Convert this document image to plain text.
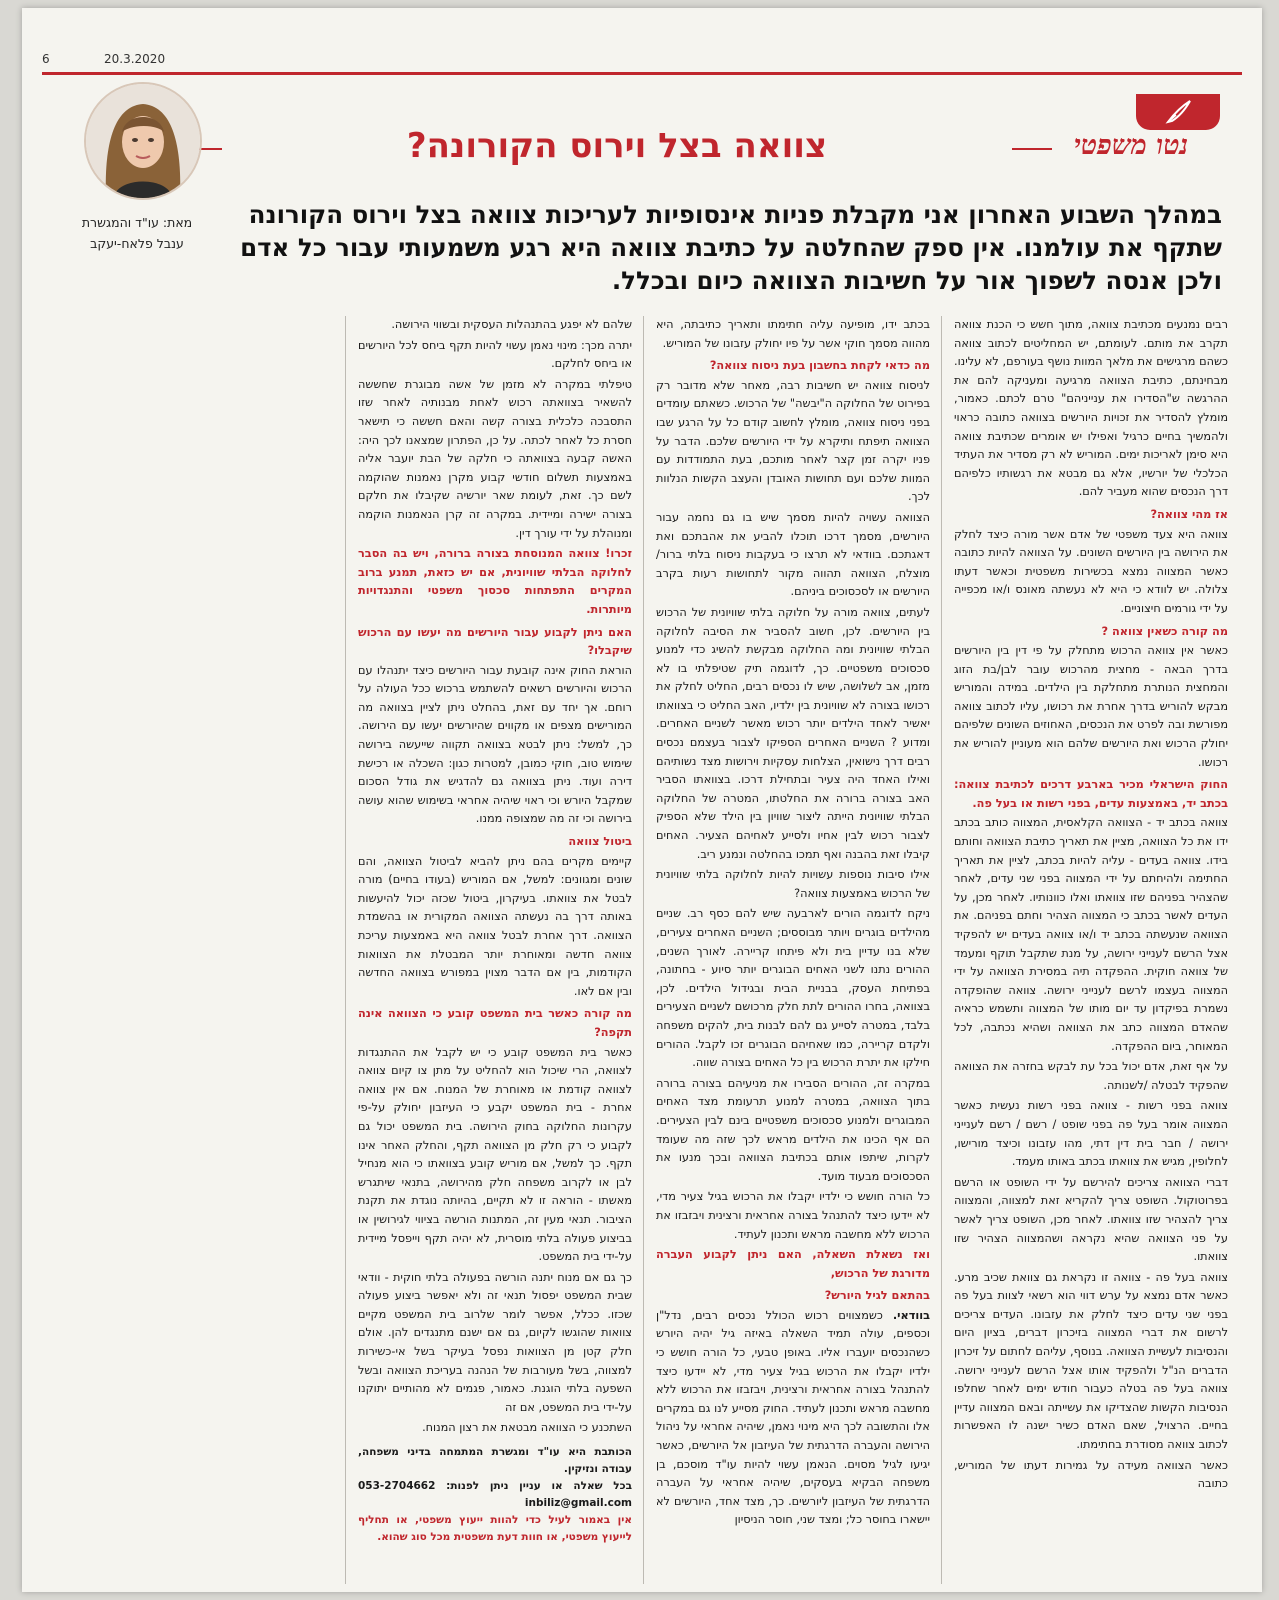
6	20.3.2020
נטו משפטי
צוואה בצל וירוס הקורונה?
מאת: עו"ד והמגשרת
ענבל פלאח-יעקב
במהלך השבוע האחרון אני מקבלת פניות אינסופיות לעריכות צוואה בצל וירוס הקורונה שתקף את עולמנו. אין ספק שהחלטה על כתיבת צוואה היא רגע משמעותי עבור כל אדם ולכן אנסה לשפוך אור על חשיבות הצוואה כיום ובכלל.

רבים נמנעים מכתיבת צוואה, מתוך חשש כי הכנת צוואה תקרב את מותם. לעומתם, יש המחליטים לכתוב צוואה כשהם מרגישים את מלאך המוות נושף בעורפם, לא עלינו. מבחינתם, כתיבת הצוואה מרגיעה ומעניקה להם את ההרגשה ש"הסדירו את ענייניהם" טרם לכתם. כאמור, מומלץ להסדיר את זכויות היורשים בצוואה כתובה כראוי ולהמשיך בחיים כרגיל ואפילו יש אומרים שכתיבת צוואה היא סימן לאריכות ימים. המוריש לא רק מסדיר את העתיד הכלכלי של יורשיו, אלא גם מבטא את רגשותיו כלפיהם דרך הנכסים שהוא מעביר להם.

אז מהי צוואה?

צוואה היא צעד משפטי של אדם אשר מורה כיצד לחלק את הירושה בין היורשים השונים. על הצוואה להיות כתובה כאשר המצווה נמצא בכשירות משפטית וכאשר דעתו צלולה. יש לוודא כי היא לא נעשתה מאונס ו/או מכפייה על ידי גורמים חיצוניים.

מה קורה כשאין צוואה ?

כאשר אין צוואה הרכוש מתחלק על פי דין בין היורשים בדרך הבאה - מחצית מהרכוש עובר לבן/בת הזוג והמחצית הנותרת מתחלקת בין הילדים. במידה והמוריש מבקש להוריש בדרך אחרת את רכושו, עליו לכתוב צוואה מפורשת ובה לפרט את הנכסים, האחוזים השונים שלפיהם יחולק הרכוש ואת היורשים שלהם הוא מעוניין להוריש את רכושו.

החוק הישראלי מכיר בארבע דרכים לכתיבת צוואה: בכתב יד, באמצעות עדים, בפני רשות או בעל פה.

צוואה בכתב יד - הצוואה הקלאסית, המצווה כותב בכתב ידו את כל הצוואה, מציין את תאריך כתיבת הצוואה וחותם בידו. צוואה בעדים - עליה להיות בכתב, לציין את תאריך החתימה ולהיחתם על ידי המצווה בפני שני עדים, לאחר שהצהיר בפניהם שזו צוואתו ואלו כוונותיו. לאחר מכן, על העדים לאשר בכתב כי המצווה הצהיר וחתם בפניהם. את הצוואה שנעשתה בכתב יד ו/או צוואה בעדים יש להפקיד אצל הרשם לענייני ירושה, על מנת שתקבל תוקף ומעמד של צוואה חוקית. ההפקדה תיה במסירת הצוואה על ידי המצווה בעצמו לרשם לענייני ירושה. צוואה שהופקדה נשמרת בפיקדון עד יום מותו של המצווה ותשמש כראיה שהאדם המצווה כתב את הצוואה ושהיא נכתבה, לכל המאוחר, ביום ההפקדה.

על אף זאת, אדם יכול בכל עת לבקש בחזרה את הצוואה שהפקיד לבטלה /לשנותה.

צוואה בפני רשות - צוואה בפני רשות נעשית כאשר המצווה אומר בעל פה בפני שופט / רשם / רשם לענייני ירושה / חבר בית דין דתי, מהו עזבונו וכיצד מורישו, לחלופין, מגיש את צוואתו בכתב באותו מעמד.

דברי הצוואה צריכים להירשם על ידי השופט או הרשם בפרוטוקול. השופט צריך להקריא זאת למצווה, והמצווה צריך להצהיר שזו צוואתו. לאחר מכן, השופט צריך לאשר על פני הצוואה שהיא נקראה ושהמצווה הצהיר שזו צוואתו.

צוואה בעל פה - צוואה זו נקראת גם צוואת שכיב מרע. כאשר אדם נמצא על ערש דווי הוא רשאי לצוות בעל פה בפני שני עדים כיצד לחלק את עזבונו. העדים צריכים לרשום את דברי המצווה בזיכרון דברים, בציון היום והנסיבות לעשיית הצוואה. בנוסף, עליהם לחתום על זיכרון הדברים הנ"ל ולהפקיד אותו אצל הרשם לענייני ירושה. צוואה בעל פה בטלה כעבור חודש ימים לאחר שחלפו הנסיבות הקשות שהצדיקו את עשייתה ובאם המצווה עדיין בחיים. הרצויל, שאם האדם כשיר ישנה לו האפשרות לכתוב צוואה מסודרת בחתימתו.

כאשר הצוואה מעידה על גמירות דעתו של המוריש, כתובה

בכתב ידו, מופיעה עליה חתימתו ותאריך כתיבתה, היא מהווה מסמך חוקי אשר על פיו יחולק עזבונו של המוריש.

מה כדאי לקחת בחשבון בעת ניסוח צוואה?

לניסוח צוואה יש חשיבות רבה, מאחר שלא מדובר רק בפירוט של החלוקה ה"יבשה" של הרכוש. כשאתם עומדים בפני ניסוח צוואה, מומלץ לחשוב קודם כל על הרגע שבו הצוואה תיפתח ותיקרא על ידי היורשים שלכם. הדבר על פניו יקרה זמן קצר לאחר מותכם, בעת התמודדות עם המוות שלכם ועם תחושות האובדן והעצב הקשות הנלוות לכך.

הצוואה עשויה להיות מסמך שיש בו גם נחמה עבור היורשים, מסמך דרכו תוכלו להביע את אהבתכם ואת דאגתכם. בוודאי לא תרצו כי בעקבות ניסוח בלתי ברור/ מוצלח, הצוואה תהווה מקור לתחושות רעות בקרב היורשים או לסכסוכים ביניהם.

לעתים, צוואה מורה על חלוקה בלתי שוויונית של הרכוש בין היורשים. לכן, חשוב להסביר את הסיבה לחלוקה הבלתי שוויונית ומה החלוקה מבקשת להשיג כדי למנוע סכסוכים משפטיים. כך, לדוגמה תיק שטיפלתי בו לא מזמן, אב לשלושה, שיש לו נכסים רבים, החליט לחלק את רכושו בצורה לא שוויונית בין ילדיו, האב החליט כי בצוואתו יאשיר לאחד הילדים יותר רכוש מאשר לשניים האחרים. ומדוע ? השניים האחרים הספיקו לצבור בעצמם נכסים רבים דרך נישואין, הצלחות עסקיות וירושות מצד נשותיהם ואילו האחד היה צעיר ובתחילת דרכו. בצוואתו הסביר האב בצורה ברורה את החלטתו, המטרה של החלוקה הבלתי שוויונית הייתה ליצור שוויון בין הילד שלא הספיק לצבור רכוש לבין אחיו ולסייע לאחיהם הצעיר. האחים קיבלו זאת בהבנה ואף תמכו בהחלטה ונמנע ריב.

אילו סיבות נוספות עשויות להיות לחלוקה בלתי שוויונית של הרכוש באמצעות צוואה?

ניקח לדוגמה הורים לארבעה שיש להם כסף רב. שניים מהילדים בוגרים ויותר מבוססים; השניים האחרים צעירים, שלא בנו עדיין בית ולא פיתחו קריירה. לאורך השנים, ההורים נתנו לשני האחים הבוגרים יותר סיוע - בחתונה, בפתיחת העסק, בבניית הבית ובגידול הילדים. לכן, בצוואה, בחרו ההורים לתת חלק מרכושם לשניים הצעירים בלבד, במטרה לסייע גם להם לבנות בית, להקים משפחה ולקדם קריירה, כמו שאחיהם הבוגרים זכו לקבל. ההורים חילקו את יתרת הרכוש בין כל האחים בצורה שווה.

במקרה זה, ההורים הסבירו את מניעיהם בצורה ברורה בתוך הצוואה, במטרה למנוע תרעומת מצד האחים המבוגרים ולמנוע סכסוכים משפטיים בינם לבין הצעירים. הם אף הכינו את הילדים מראש לכך שזה מה שעומד לקרות, שיתפו אותם בכתיבת הצוואה ובכך מנעו את הסכסוכים מבעוד מועד.

כל הורה חושש כי ילדיו יקבלו את הרכוש בגיל צעיר מדי, לא יידעו כיצד להתנהל בצורה אחראית ורצינית ויבזבזו את הרכוש ללא מחשבה מראש ותכנון לעתיד.

ואז נשאלת השאלה, האם ניתן לקבוע העברה מדורגת של הרכוש,

בהתאם לגיל היורש?

בוודאי. כשמצווים רכוש הכולל נכסים רבים, נדל"ן וכספים, עולה תמיד השאלה באיזה גיל יהיה היורש כשהנכסים יועברו אליו. באופן טבעי, כל הורה חושש כי ילדיו יקבלו את הרכוש בגיל צעיר מדי, לא יידעו כיצד להתנהל בצורה אחראית ורצינית, ויבזבזו את הרכוש ללא מחשבה מראש ותכנון לעתיד. החוק מסייע לנו גם במקרים אלו והתשובה לכך היא מינוי נאמן, שיהיה אחראי על ניהול הירושה והעברה הדרגתית של העיזבון אל היורשים, כאשר יגיעו לגיל מסוים. הנאמן עשוי להיות עו"ד מוסכם, בן משפחה הבקיא בעסקים, שיהיה אחראי על העברה הדרגתית של העיזבון ליורשים. כך, מצד אחד, היורשים לא יישארו בחוסר כל; ומצד שני, חוסר הניסיון

שלהם לא יפגע בהתנהלות העסקית ובשווי הירושה.

יתרה מכך: מינוי נאמן עשוי להיות תקף ביחס לכל היורשים או ביחס לחלקם.

טיפלתי במקרה לא מזמן של אשה מבוגרת שחששה להשאיר בצוואתה רכוש לאחת מבנותיה לאחר שזו התסבכה כלכלית בצורה קשה והאם חששה כי תישאר חסרת כל לאחר לכתה. על כן, הפתרון שמצאנו לכך היה: האשה קבעה בצוואתה כי חלקה של הבת יועבר אליה באמצעות תשלום חודשי קבוע מקרן נאמנות שהוקמה לשם כך. זאת, לעומת שאר יורשיה שקיבלו את חלקם בצורה ישירה ומיידית. במקרה זה קרן הנאמנות הוקמה ומנוהלת על ידי עורך דין.

זכרו! צוואה המנוסחת בצורה ברורה, ויש בה הסבר לחלוקה הבלתי שוויונית, אם יש כזאת, תמנע ברוב המקרים התפתחות סכסוך משפטי והתנגדויות מיותרות.

האם ניתן לקבוע עבור היורשים מה יעשו עם הרכוש שיקבלו?

הוראת החוק אינה קובעת עבור היורשים כיצד יתנהלו עם הרכוש והיורשים רשאים להשתמש ברכוש ככל העולה על רוחם. אך יחד עם זאת, בהחלט ניתן לציין בצוואה מה המורישים מצפים או מקווים שהיורשים יעשו עם הירושה. כך, למשל: ניתן לבטא בצוואה תקווה שייעשה בירושה שימוש טוב, חוקי כמובן, למטרות כגון: השכלה או רכישת דירה ועוד. ניתן בצוואה גם להדגיש את גודל הסכום שמקבל היורש וכי ראוי שיהיה אחראי בשימוש שהוא עושה בירושה וכי זה מה שמצופה ממנו.

ביטול צוואה

קיימים מקרים בהם ניתן להביא לביטול הצוואה, והם שונים ומגוונים: למשל, אם המוריש (בעודו בחיים) מורה לבטל את צוואתו. בעיקרון, ביטול שכזה יכול להיעשות באותה דרך בה נעשתה הצוואה המקורית או בהשמדת הצוואה. דרך אחרת לבטל צוואה היא באמצעות עריכת צוואה חדשה ומאוחרת יותר המבטלת את הצוואות הקודמות, בין אם הדבר מצוין במפורש בצוואה החדשה ובין אם לאו.

מה קורה כאשר בית המשפט קובע כי הצוואה אינה תקפה?

כאשר בית המשפט קובע כי יש לקבל את ההתנגדות לצוואה, הרי שיכול הוא להחליט על מתן צו קיום צוואה לצוואה קודמת או מאוחרת של המנוח. אם אין צוואה אחרת - בית המשפט יקבע כי העיזבון יחולק על-פי עקרונות החלוקה בחוק הירושה. בית המשפט יכול גם לקבוע כי רק חלק מן הצוואה תקף, והחלק האחר אינו תקף. כך למשל, אם מוריש קובע בצוואתו כי הוא מנחיל לבן או לקרוב משפחה חלק מהירושה, בתנאי שיתגרש מאשתו - הוראה זו לא תקיים, בהיותה נוגדת את תקנת הציבור. תנאי מעין זה, המתנות הורשה בציווי לגירושין או בביצוע פעולה בלתי מוסרית, לא יהיה תקף וייפסל מיידית על-ידי בית המשפט.

כך גם אם מנוח יתנה הורשה בפעולה בלתי חוקית - וודאי שבית המשפט יפסול תנאי זה ולא יאפשר ביצוע פעולה שכזו. ככלל, אפשר לומר שלרוב בית המשפט מקיים צוואות שהוגשו לקיום, גם אם ישנם מתנגדים להן. אולם חלק קטן מן הצוואות נפסל בעיקר בשל אי-כשירות למצווה, בשל מעורבות של הנהנה בעריכת הצוואה ובשל השפעה בלתי הוגנת. כאמור, פגמים לא מהותיים יתוקנו על-ידי בית המשפט, אם זה

השתכנע כי הצוואה מבטאת את רצון המנוח.

הכותבת היא עו"ד ומגשרת המתמחה בדיני משפחה, עבודה ונזיקין.
בכל שאלה או עניין ניתן לפנות: 053-2704662 inbiliz@gmail.com
אין באמור לעיל כדי להוות ייעוץ משפטי, או תחליף לייעוץ משפטי, או חוות דעת משפטית מכל סוג שהוא.
